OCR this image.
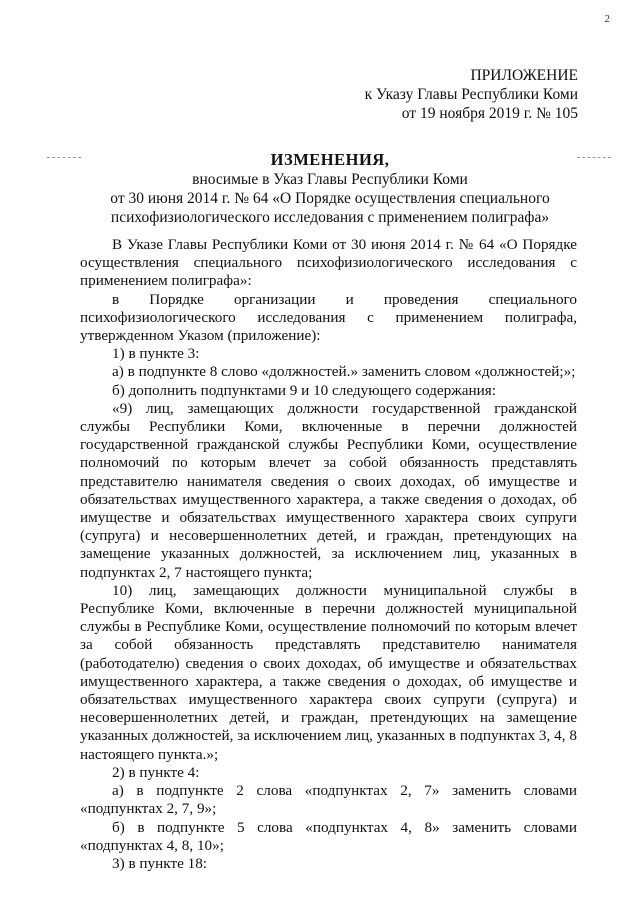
2
ПРИЛОЖЕНИЕ
к Указу Главы Республики Коми
от 19 ноября 2019 г. № 105
ИЗМЕНЕНИЯ,
вносимые в Указ Главы Республики Коми
от 30 июня 2014 г. № 64 «О Порядке осуществления специального
психофизиологического исследования с применением полиграфа»

В Указе Главы Республики Коми от 30 июня 2014 г. № 64 «О Порядке осуществления специального психофизиологического исследования с применением полиграфа»:

в Порядке организации и проведения специального психофизиологического исследования с применением полиграфа, утвержденном Указом (приложение):

1) в пункте 3:

а) в подпункте 8 слово «должностей.» заменить словом «должностей;»;

б) дополнить подпунктами 9 и 10 следующего содержания:

«9) лиц, замещающих должности государственной гражданской службы Республики Коми, включенные в перечни должностей государственной гражданской службы Республики Коми, осуществление полномочий по которым влечет за собой обязанность представлять представителю нанимателя сведения о своих доходах, об имуществе и обязательствах имущественного характера, а также сведения о доходах, об имуществе и обязательствах имущественного характера своих супруги (супруга) и несовершеннолетних детей, и граждан, претендующих на замещение указанных должностей, за исключением лиц, указанных в подпунктах 2, 7 настоящего пункта;

10) лиц, замещающих должности муниципальной службы в Республике Коми, включенные в перечни должностей муниципальной службы в Республике Коми, осуществление полномочий по которым влечет за собой обязанность представлять представителю нанимателя (работодателю) сведения о своих доходах, об имуществе и обязательствах имущественного характера, а также сведения о доходах, об имуществе и обязательствах имущественного характера своих супруги (супруга) и несовершеннолетних детей, и граждан, претендующих на замещение указанных должностей, за исключением лиц, указанных в подпунктах 3, 4, 8 настоящего пункта.»;

2) в пункте 4:

а) в подпункте 2 слова «подпунктах 2, 7» заменить словами «подпунктах 2, 7, 9»;

б) в подпункте 5 слова «подпунктах 4, 8» заменить словами «подпунктах 4, 8, 10»;

3) в пункте 18:
